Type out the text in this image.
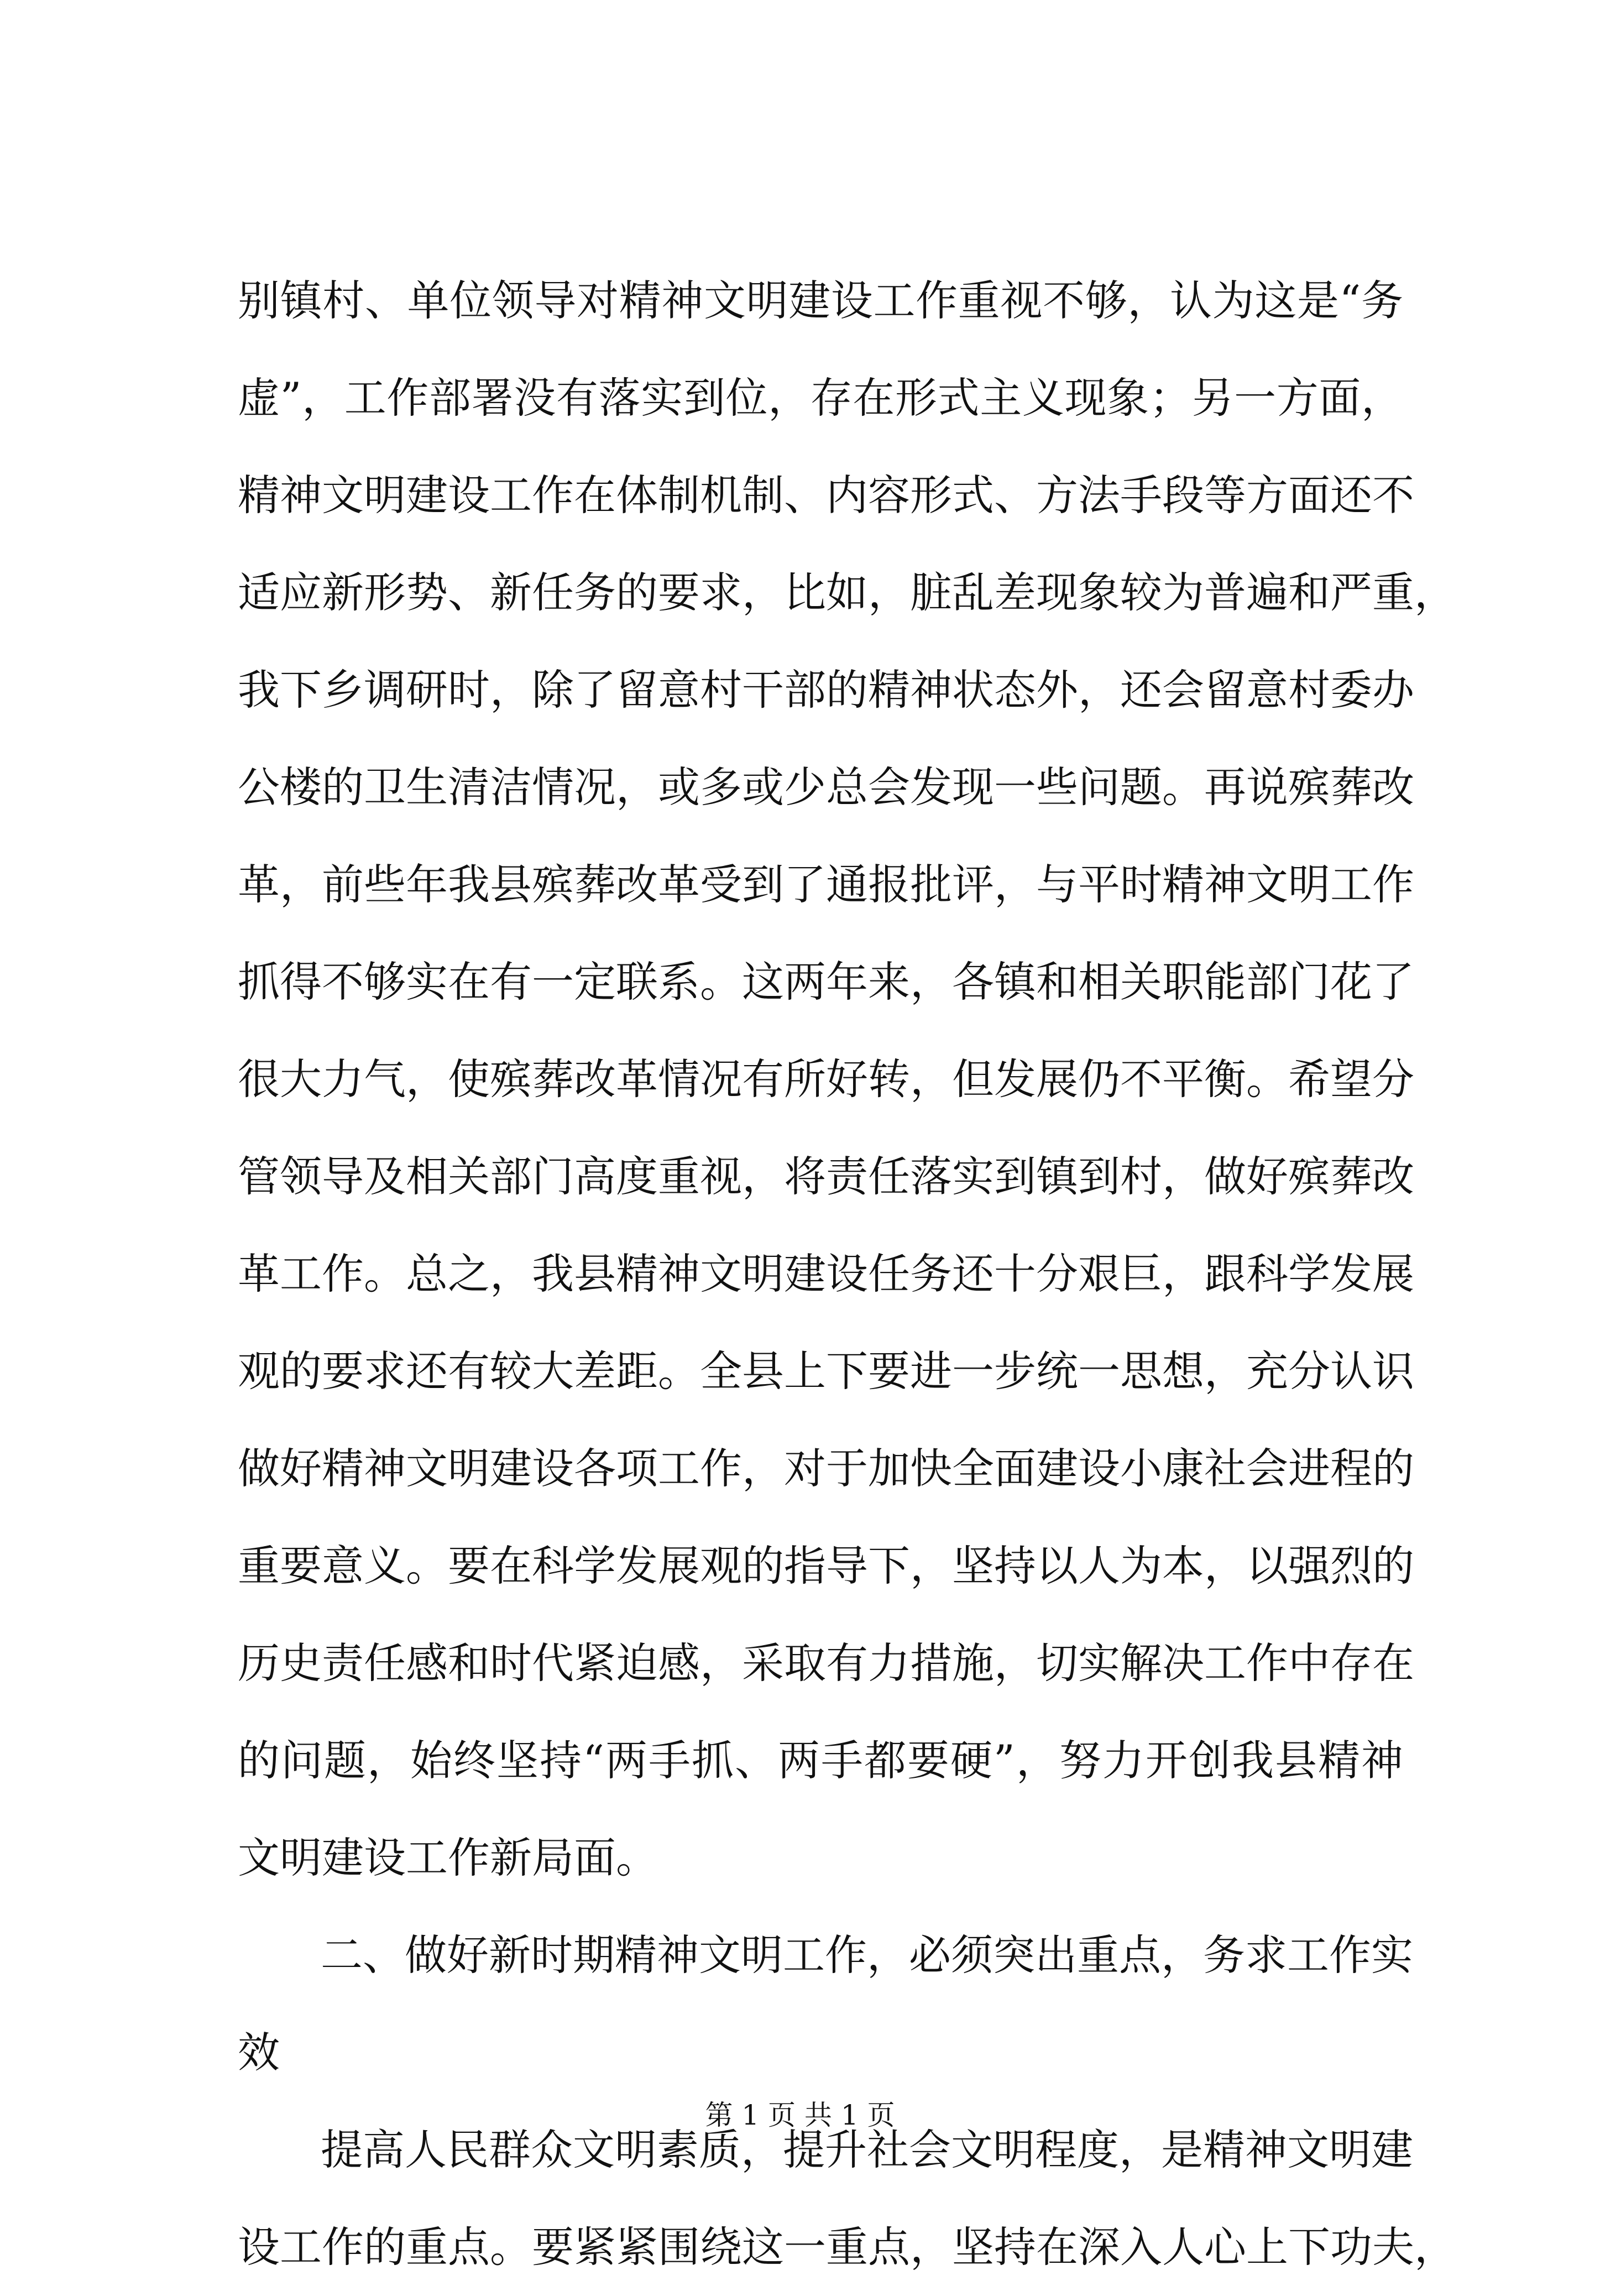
别镇村、单位领导对精神文明建设工作重视不够，认为这是“务
虚”，工作部署没有落实到位，存在形式主义现象；另一方面，
精神文明建设工作在体制机制、内容形式、方法手段等方面还不
适应新形势、新任务的要求，比如，脏乱差现象较为普遍和严重，
我下乡调研时，除了留意村干部的精神状态外，还会留意村委办
公楼的卫生清洁情况，或多或少总会发现一些问题。再说殡葬改
革，前些年我县殡葬改革受到了通报批评，与平时精神文明工作
抓得不够实在有一定联系。这两年来，各镇和相关职能部门花了
很大力气，使殡葬改革情况有所好转，但发展仍不平衡。希望分
管领导及相关部门高度重视，将责任落实到镇到村，做好殡葬改
革工作。总之，我县精神文明建设任务还十分艰巨，跟科学发展
观的要求还有较大差距。全县上下要进一步统一思想，充分认识
做好精神文明建设各项工作，对于加快全面建设小康社会进程的
重要意义。要在科学发展观的指导下，坚持以人为本，以强烈的
历史责任感和时代紧迫感，采取有力措施，切实解决工作中存在
的问题，始终坚持“两手抓、两手都要硬”，努力开创我县精神
文明建设工作新局面。
二、做好新时期精神文明工作，必须突出重点，务求工作实
效
提高人民群众文明素质，提升社会文明程度，是精神文明建
设工作的重点。要紧紧围绕这一重点，坚持在深入人心上下功夫，
第 1 页 共 1 页
